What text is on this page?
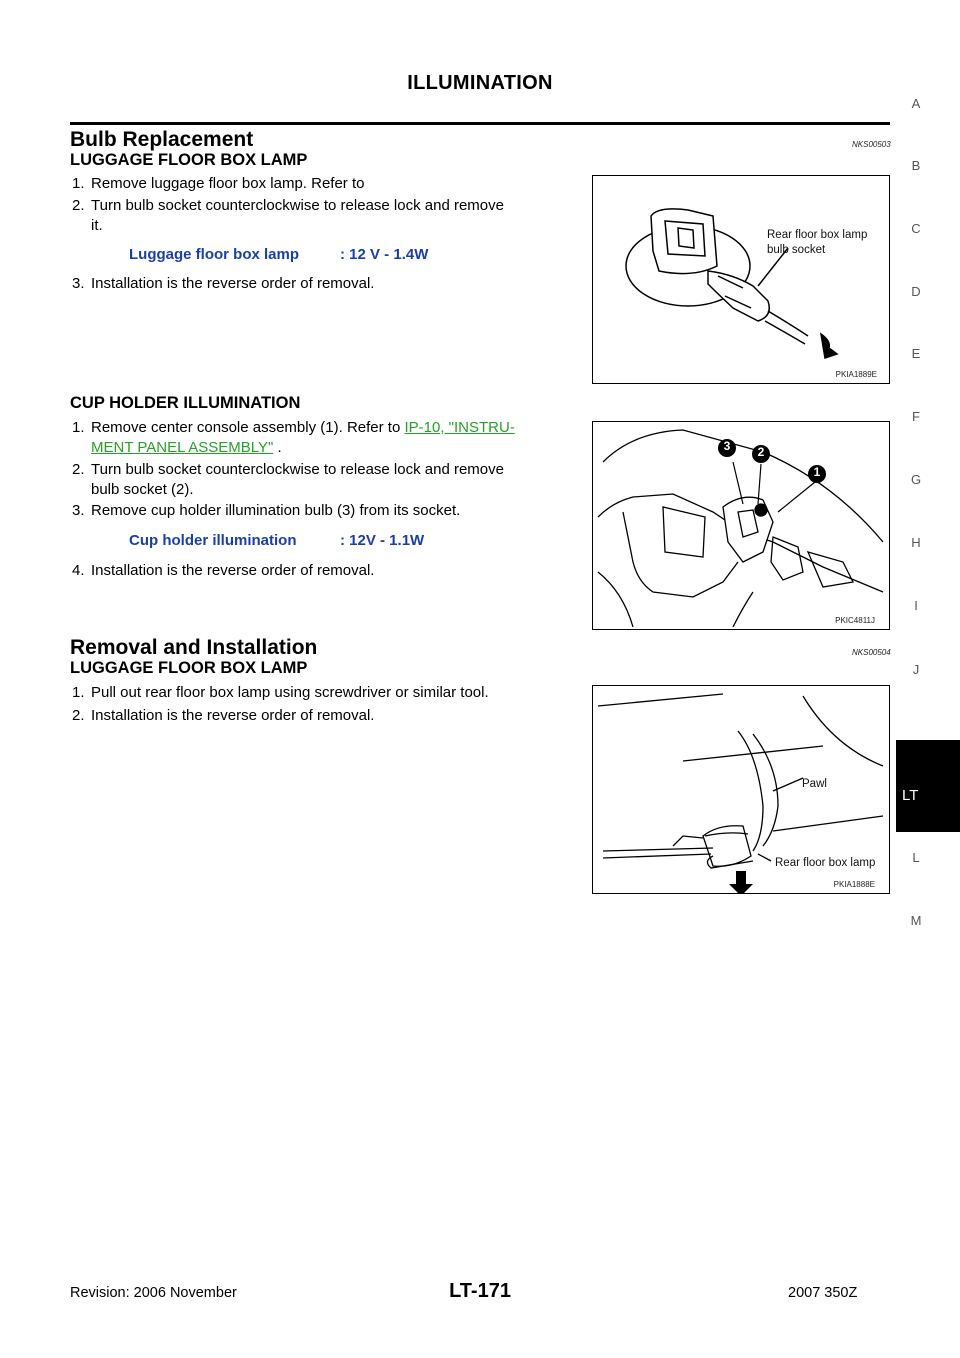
ILLUMINATION
Bulb Replacement	NKS00503
LUGGAGE FLOOR BOX LAMP
1. Remove luggage floor box lamp. Refer to
2. Turn bulb socket counterclockwise to release lock and remove
it.
Luggage floor box lamp	: 12 V - 1.4W
3. Installation is the reverse order of removal.
Rear floor box lamp
bulb socket
PKIA1889E
CUP HOLDER ILLUMINATION
1. Remove center console assembly (1). Refer to IP-10, "INSTRU-
MENT PANEL ASSEMBLY" .
2. Turn bulb socket counterclockwise to release lock and remove
bulb socket (2).
3. Remove cup holder illumination bulb (3) from its socket.
Cup holder illumination	: 12V - 1.1W
4. Installation is the reverse order of removal.
3	2
1
PKIC4811J
Removal and Installation	NKS00504
LUGGAGE FLOOR BOX LAMP
1. Pull out rear floor box lamp using screwdriver or similar tool.
2. Installation is the reverse order of removal.
Pawl
Rear floor box lamp
PKIA1888E
A
B
C
D
E
F
G
H
I
J
LT
L
M
Revision: 2006 November	LT-171	2007 350Z
